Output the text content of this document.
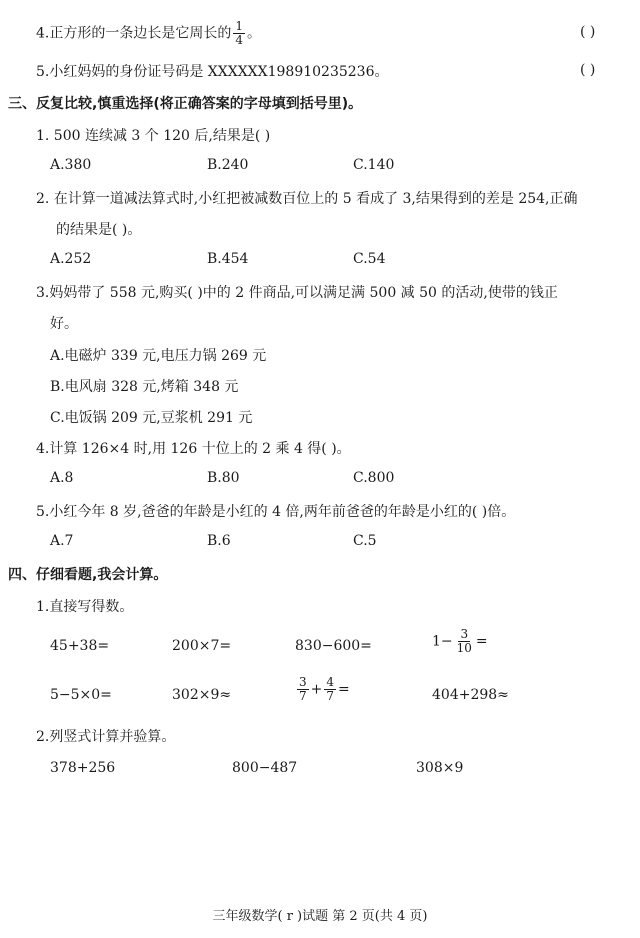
4.正方形的一条边长是它周长的 $\frac{1}{4}$ 。	( )
5.小红妈妈的身份证号码是 XXXXXX198910235236。	( )
三、反复比较,慎重选择(将正确答案的字母填到括号里)。
1. 500 连续减 3 个 120 后,结果是( )
A.380	B.240	C.140
2. 在计算一道减法算式时,小红把被减数百位上的 5 看成了 3,结果得到的差是 254,正确
的结果是( )。
A.252	B.454	C.54
3.妈妈带了 558 元,购买( )中的 2 件商品,可以满足满 500 减 50 的活动,使带的钱正
好。
A.电磁炉 339 元,电压力锅 269 元
B.电风扇 328 元,烤箱 348 元
C.电饭锅 209 元,豆浆机 291 元
4.计算 126×4 时,用 126 十位上的 2 乘 4 得( )。
A.8	B.80	C.800
5.小红今年 8 岁,爸爸的年龄是小红的 4 倍,两年前爸爸的年龄是小红的( )倍。
A.7	B.6	C.5
四、仔细看题,我会计算。
1.直接写得数。
45+38=	200×7=	830−600=	$1- \frac{3}{10}$ =
5−5×0=	302×9≈	$\frac{3}{7} + \frac{4}{7}$ =	404+298≈
2.列竖式计算并验算。
378+256	800−487	308×9
三年级数学( r )试题 第 2 页(共 4 页)
